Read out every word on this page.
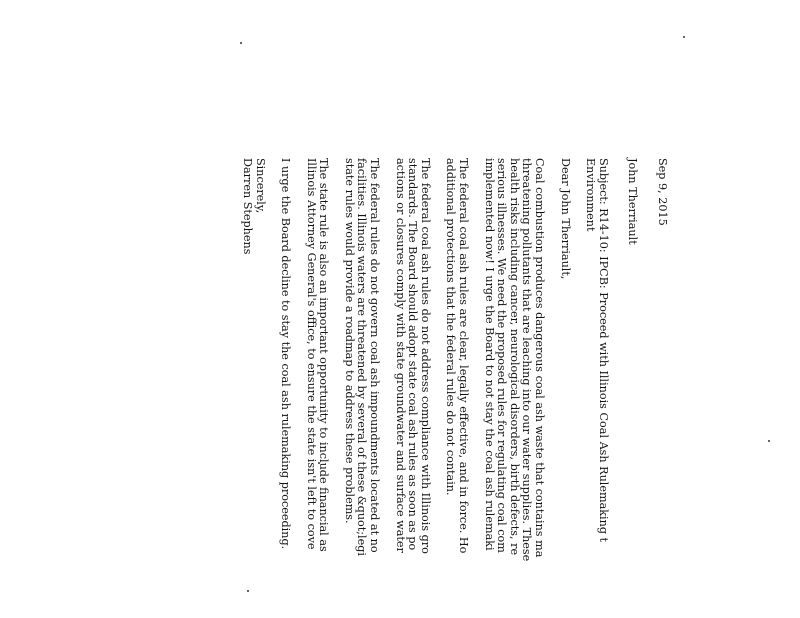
Sep 9, 2015

John Therriault

Subject: R14-10: IPCB: Proceed with Illinois Coal Ash Rulemaking t

Environment

Dear John Therriault,

Coal combustion produces dangerous coal ash waste that contains ma

threatening pollutants that are leaching into our water supplies. These

health risks including cancer, neurological disorders, birth defects, re

serious illnesses. We need the proposed rules for regulating coal com

implemented now! I urge the Board to not stay the coal ash rulemaki

The federal coal ash rules are clear, legally effective, and in force. Ho

additional protections that the federal rules do not contain.

The federal coal ash rules do not address compliance with Illinois gro

standards. The Board should adopt state coal ash rules as soon as po

actions or closures comply with state groundwater and surface water

The federal rules do not govern coal ash impoundments located at no

facilities. Illinois waters are threatened by several of these &quot;legi

state rules would provide a roadmap to address these problems.

The state rule is also an important opportunity to include financial as

Illinois Attorney General's office, to ensure the state isn't left to cove

I urge the Board decline to stay the coal ash rulemaking proceeding.

Sincerely,

Darren Stephens
